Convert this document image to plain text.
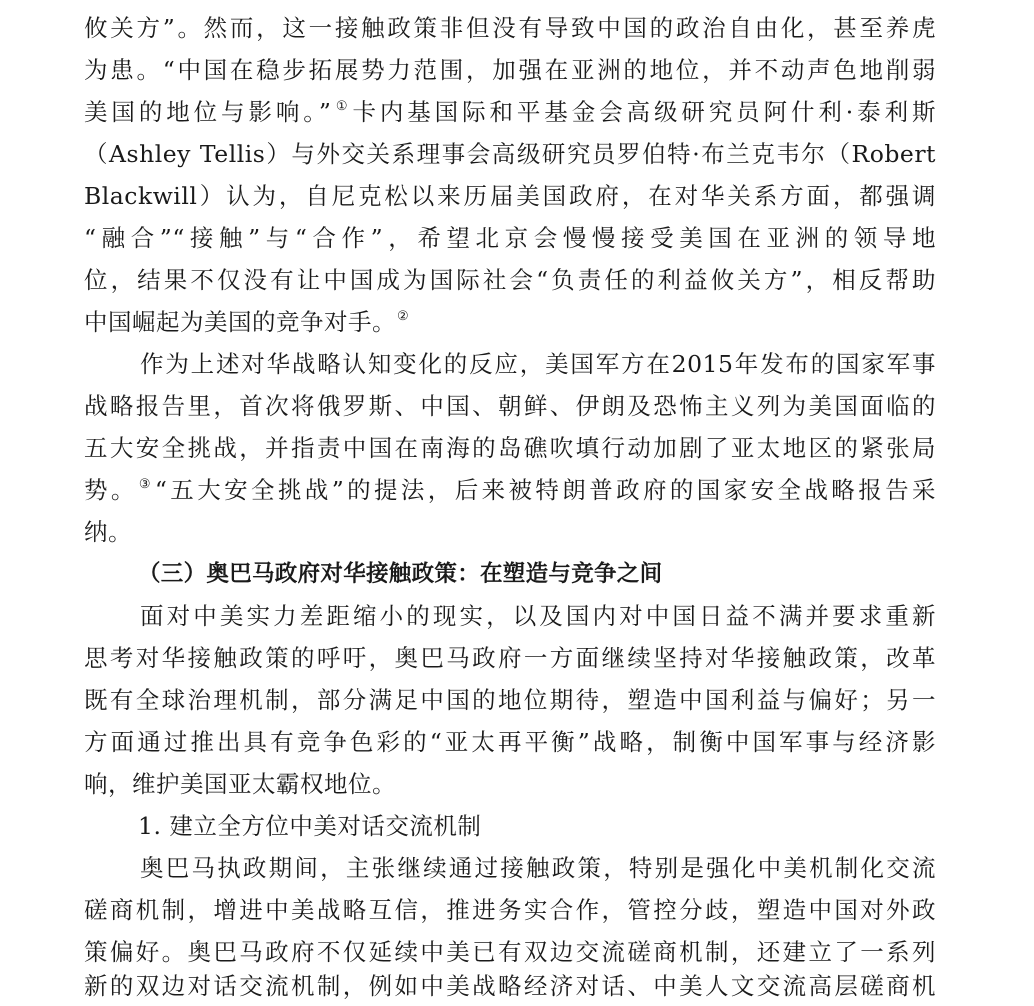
攸关方”。然而，这一接触政策非但没有导致中国的政治自由化，甚至养虎
为患。“中国在稳步拓展势力范围，加强在亚洲的地位，并不动声色地削弱
美国的地位与影响。”①卡内基国际和平基金会高级研究员阿什利·泰利斯
（Ashley Tellis）与外交关系理事会高级研究员罗伯特·布兰克韦尔（Robert
Blackwill）认为，自尼克松以来历届美国政府，在对华关系方面，都强调
“融合”“接触”与“合作”，希望北京会慢慢接受美国在亚洲的领导地
位，结果不仅没有让中国成为国际社会“负责任的利益攸关方”，相反帮助
中国崛起为美国的竞争对手。②
作为上述对华战略认知变化的反应，美国军方在2015年发布的国家军事
战略报告里，首次将俄罗斯、中国、朝鲜、伊朗及恐怖主义列为美国面临的
五大安全挑战，并指责中国在南海的岛礁吹填行动加剧了亚太地区的紧张局
势。③“五大安全挑战”的提法，后来被特朗普政府的国家安全战略报告采
纳。
（三）奥巴马政府对华接触政策：在塑造与竞争之间
面对中美实力差距缩小的现实，以及国内对中国日益不满并要求重新
思考对华接触政策的呼吁，奥巴马政府一方面继续坚持对华接触政策，改革
既有全球治理机制，部分满足中国的地位期待，塑造中国利益与偏好；另一
方面通过推出具有竞争色彩的“亚太再平衡”战略，制衡中国军事与经济影
响，维护美国亚太霸权地位。
1. 建立全方位中美对话交流机制
奥巴马执政期间，主张继续通过接触政策，特别是强化中美机制化交流
磋商机制，增进中美战略互信，推进务实合作，管控分歧，塑造中国对外政
策偏好。奥巴马政府不仅延续中美已有双边交流磋商机制，还建立了一系列
新的双边对话交流机制，例如中美战略经济对话、中美人文交流高层磋商机
